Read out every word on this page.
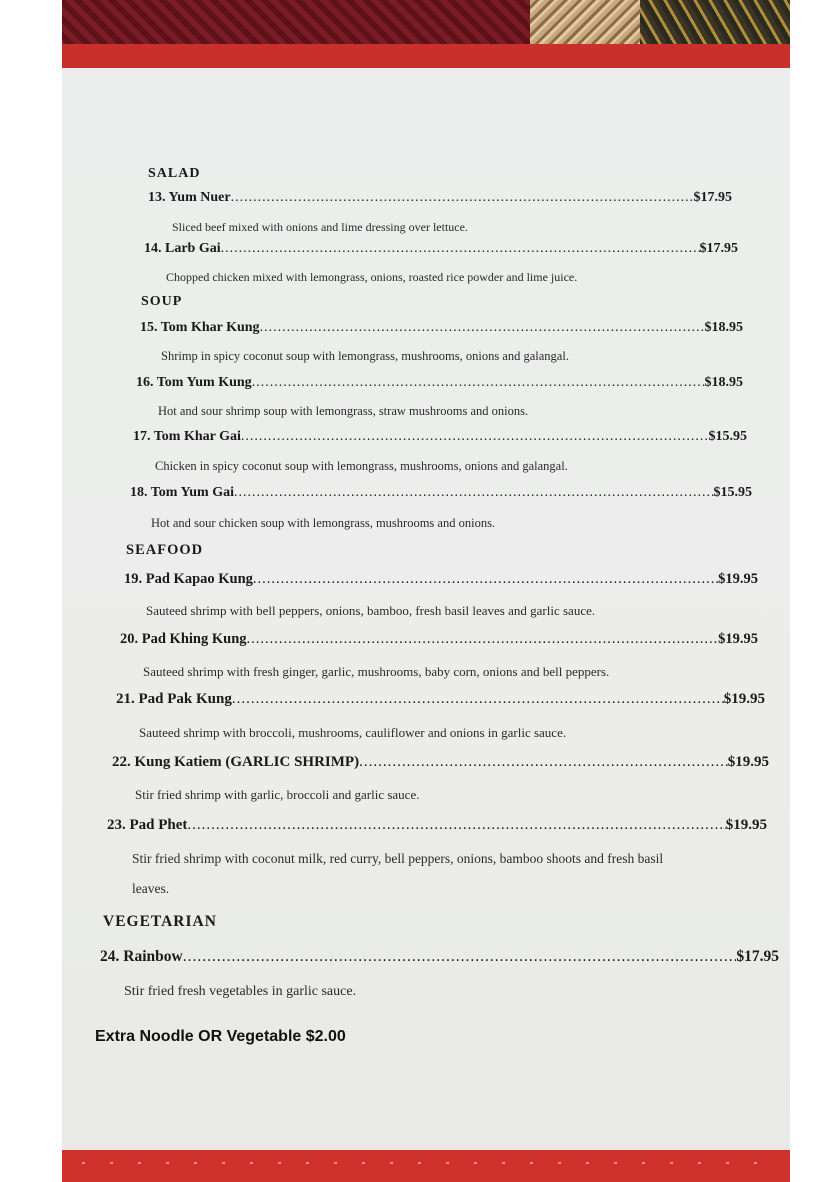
SALAD
13. Yum Nuer .....	$17.95
Sliced beef mixed with onions and lime dressing over lettuce.
14. Larb Gai .....	$17.95
Chopped chicken mixed with lemongrass, onions, roasted rice powder and lime juice.
SOUP
15. Tom Khar Kung .....	$18.95
Shrimp in spicy coconut soup with lemongrass, mushrooms, onions and galangal.
16. Tom Yum Kung .....	$18.95
Hot and sour shrimp soup with lemongrass, straw mushrooms and onions.
17. Tom Khar Gai .....	$15.95
Chicken in spicy coconut soup with lemongrass, mushrooms, onions and galangal.
18. Tom Yum Gai .....	$15.95
Hot and sour chicken soup with lemongrass, mushrooms and onions.
SEAFOOD
19. Pad Kapao Kung .....	$19.95
Sauteed shrimp with bell peppers, onions, bamboo, fresh basil leaves and garlic sauce.
20. Pad Khing Kung .....	$19.95
Sauteed shrimp with fresh ginger, garlic, mushrooms, baby corn, onions and bell peppers.
21. Pad Pak Kung .....	$19.95
Sauteed shrimp with broccoli, mushrooms, cauliflower and onions in garlic sauce.
22. Kung Katiem (GARLIC SHRIMP) .....	$19.95
Stir fried shrimp with garlic, broccoli and garlic sauce.
23. Pad Phet .....	$19.95
Stir fried shrimp with coconut milk, red curry, bell peppers, onions, bamboo shoots and fresh basil
leaves.
VEGETARIAN
24. Rainbow .....	$17.95
Stir fried fresh vegetables in garlic sauce.
Extra Noodle OR Vegetable $2.00
